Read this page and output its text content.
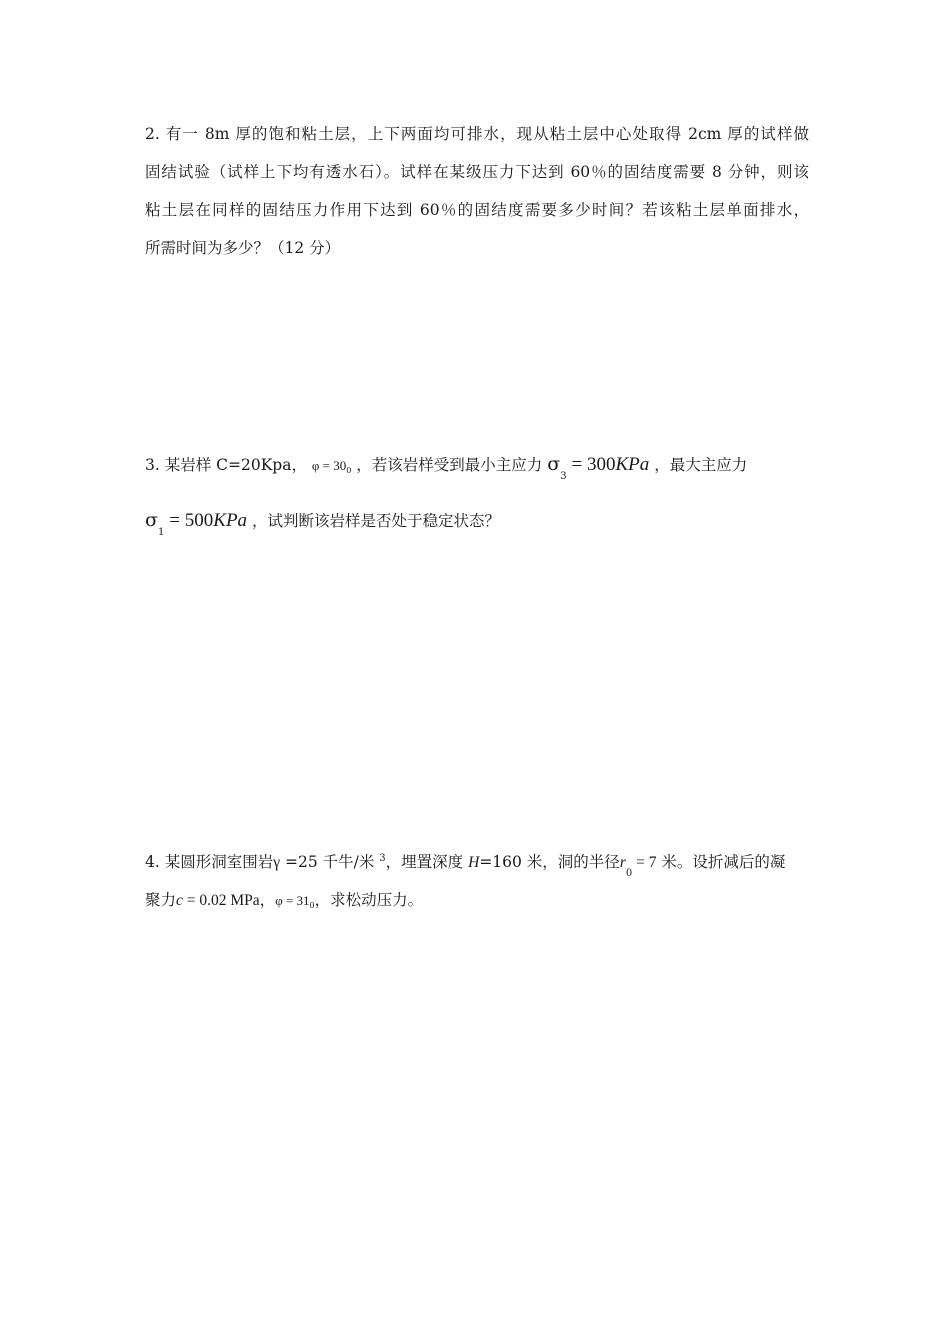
2. 有一 8m 厚的饱和粘土层，上下两面均可排水，现从粘土层中心处取得 2cm 厚的试样做
固结试验（试样上下均有透水石）。试样在某级压力下达到 60％的固结度需要 8 分钟，则该
粘土层在同样的固结压力作用下达到 60％的固结度需要多少时间？若该粘土层单面排水，
所需时间为多少？（12 分）
3. 某岩样 C=20Kpa， φ = 300 ，若该岩样受到最小主应力 $\sigma_3 = 300KPa$ ，最大主应力
$\sigma_1 = 500KPa$ ，试判断该岩样是否处于稳定状态？
4. 某圆形洞室围岩γ =25 千牛/米 $^3$，埋置深度 H=160 米，洞的半径$r_0 = 7$ 米。设折减后的凝
聚力c = 0.02 MPa，φ = 310，求松动压力。
